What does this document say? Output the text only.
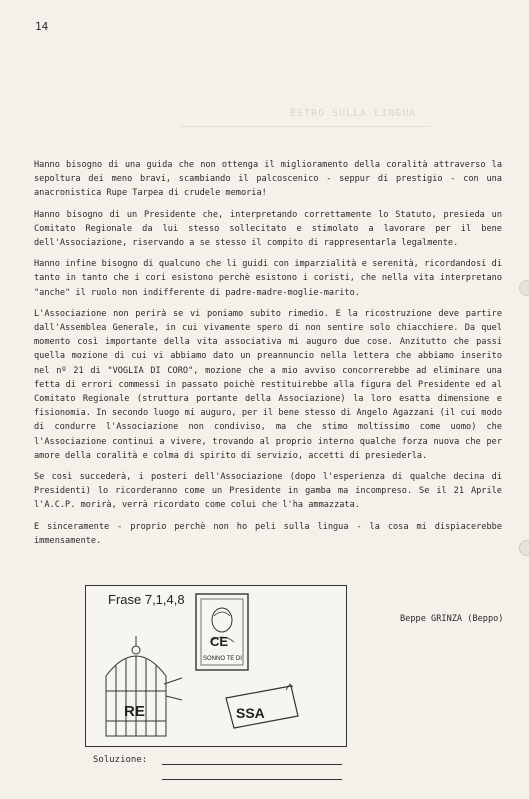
14
ESTRO SULLA LINGUA

Hanno bisogno di una guida che non ottenga il miglioramento della coralità attraverso la sepoltura dei meno bravi, scambiando il palcoscenico - seppur di prestigio - con una anacronistica Rupe Tarpea di crudele memoria!

Hanno bisogno di un Presidente che, interpretando correttamente lo Statuto, presieda un Comitato Regionale da lui stesso sollecitato e stimolato a lavorare per il bene dell'Associazione, riservando a se stesso il compito di rappresentarla legalmente.

Hanno infine bisogno di qualcuno che li guidi con imparzialità e serenità, ricordandosi di tanto in tanto che i cori esistono perchè esistono i coristi, che nella vita interpretano "anche" il ruolo non indifferente di padre-madre-moglie-marito.

L'Associazione non perirà se vi poniamo subito rimedio. E la ricostruzione deve partire dall'Assemblea Generale, in cui vivamente spero di non sentire solo chiacchiere. Da quel momento così importante della vita associativa mi auguro due cose. Anzitutto che passi quella mozione di cui vi abbiamo dato un preannuncio nella lettera che abbiamo inserito nel nº 21 di "VOGLIA DI CORO", mozione che a mio avviso concorrerebbe ad eliminare una fetta di errori commessi in passato poichè restituirebbe alla figura del Presidente ed al Comitato Regionale (struttura portante della Associazione) la loro esatta dimensione e fisionomia. In secondo luogo mi auguro, per il bene stesso di Angelo Agazzani (il cui modo di condurre l'Associazione non condiviso, ma che stimo moltissimo come uomo) che l'Associazione continui a vivere, trovando al proprio interno qualche forza nuova che per amore della coralità e colma di spirito di servizio, accetti di presiederla.

Se così succederà, i posteri dell'Associazione (dopo l'esperienza di qualche decina di Presidenti) lo ricorderanno come un Presidente in gamba ma incompreso. Se il 21 Aprile l'A.C.P. morirà, verrà ricordato come colui che l'ha ammazzata.

E sinceramente - proprio perchè non ho peli sulla lingua - la cosa mi dispiacerebbe immensamente.

Beppe GRINZA (Beppo)
Frase 7,1,4,8
CE
SONNO TE DI
RE	SSA
Soluzione:
